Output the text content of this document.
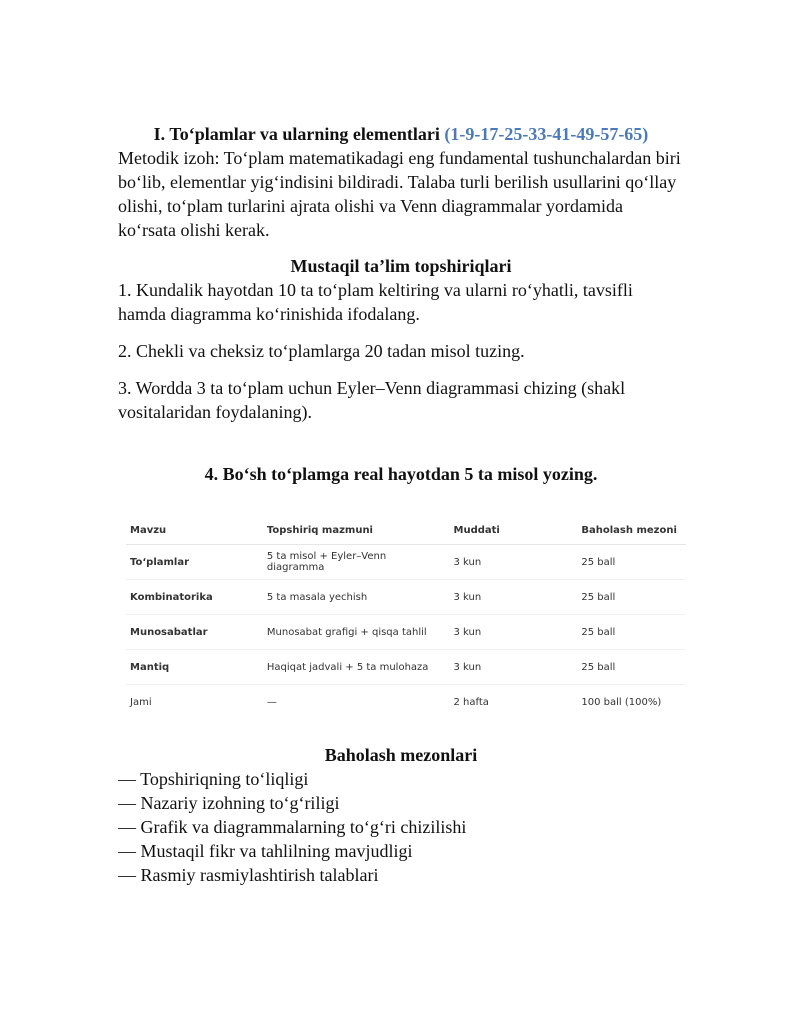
I. To‘plamlar va ularning elementlari (1-9-17-25-33-41-49-57-65)

Metodik izoh: To‘plam matematikadagi eng fundamental tushunchalardan biri bo‘lib, elementlar yig‘indisini bildiradi. Talaba turli berilish usullarini qo‘llay olishi, to‘plam turlarini ajrata olishi va Venn diagrammalar yordamida ko‘rsata olishi kerak.

Mustaqil ta’lim topshiriqlari

1. Kundalik hayotdan 10 ta to‘plam keltiring va ularni ro‘yhatli, tavsifli hamda diagramma ko‘rinishida ifodalang.

2. Chekli va cheksiz to‘plamlarga 20 tadan misol tuzing.

3. Wordda 3 ta to‘plam uchun Eyler–Venn diagrammasi chizing (shakl vositalaridan foydalaning).

4. Bo‘sh to‘plamga real hayotdan 5 ta misol yozing.

Mavzu	Topshiriq mazmuni	Muddati	Baholash mezoni
To‘plamlar	5 ta misol + Eyler–Venn diagramma	3 kun	25 ball
Kombinatorika	5 ta masala yechish	3 kun	25 ball
Munosabatlar	Munosabat grafigi + qisqa tahlil	3 kun	25 ball
Mantiq	Haqiqat jadvali + 5 ta mulohaza	3 kun	25 ball
Jami	—	2 hafta	100 ball (100%)

Baholash mezonlari

— Topshiriqning to‘liqligi
— Nazariy izohning to‘g‘riligi
— Grafik va diagrammalarning to‘g‘ri chizilishi
— Mustaqil fikr va tahlilning mavjudligi
— Rasmiy rasmiylashtirish talablari
